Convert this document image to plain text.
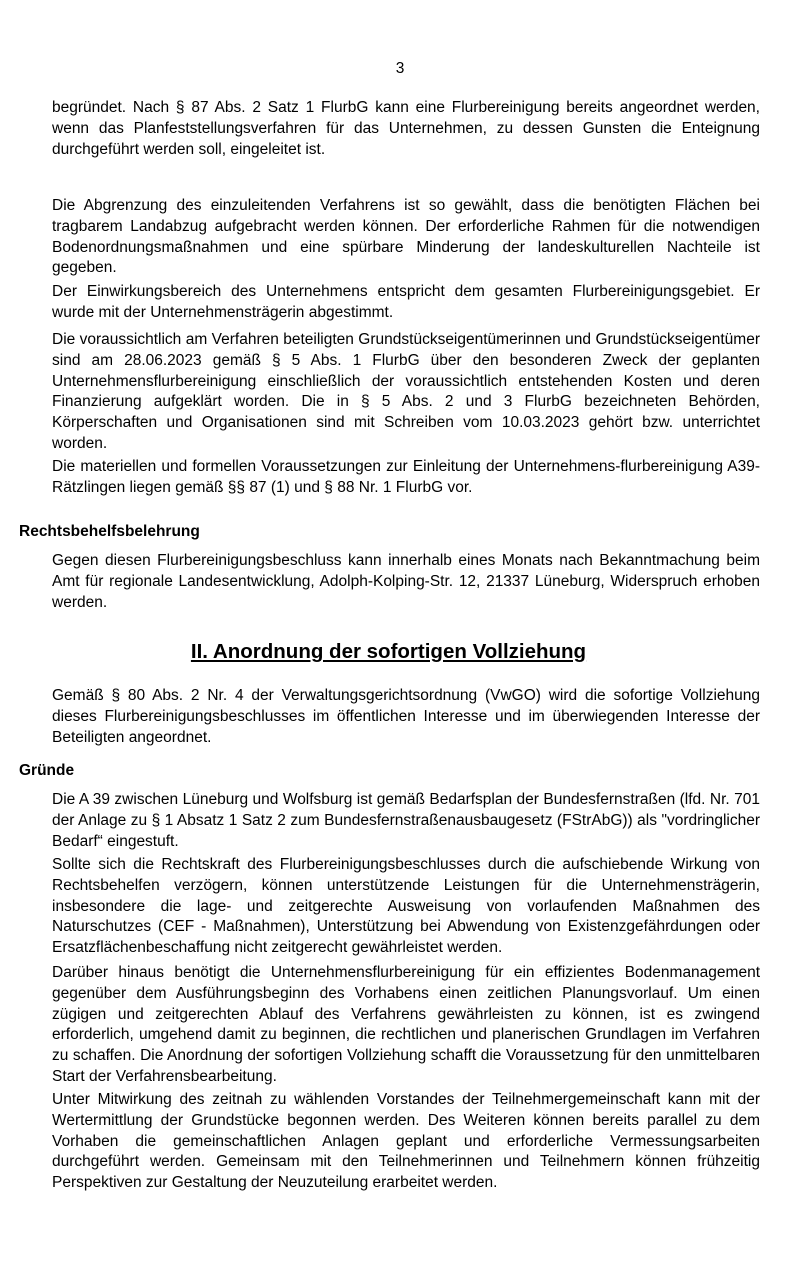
3

begründet. Nach § 87 Abs. 2 Satz 1 FlurbG kann eine Flurbereinigung bereits angeordnet werden, wenn das Planfeststellungsverfahren für das Unternehmen, zu dessen Gunsten die Enteignung durchgeführt werden soll, eingeleitet ist.

Die Abgrenzung des einzuleitenden Verfahrens ist so gewählt, dass die benötigten Flächen bei tragbarem Landabzug aufgebracht werden können. Der erforderliche Rahmen für die notwendigen Bodenordnungsmaßnahmen und eine spürbare Minderung der landeskulturellen Nachteile ist gegeben.

Der Einwirkungsbereich des Unternehmens entspricht dem gesamten Flurbereinigungsgebiet. Er wurde mit der Unternehmensträgerin abgestimmt.

Die voraussichtlich am Verfahren beteiligten Grundstückseigentümerinnen und Grundstückseigentümer sind am 28.06.2023 gemäß § 5 Abs. 1 FlurbG über den besonderen Zweck der geplanten Unternehmensflurbereinigung einschließlich der voraussichtlich entstehenden Kosten und deren Finanzierung aufgeklärt worden. Die in § 5 Abs. 2 und 3 FlurbG bezeichneten Behörden, Körperschaften und Organisationen sind mit Schreiben vom 10.03.2023 gehört bzw. unterrichtet worden.

Die materiellen und formellen Voraussetzungen zur Einleitung der Unternehmens-flurbereinigung A39-Rätzlingen liegen gemäß §§ 87 (1) und § 88 Nr. 1 FlurbG vor.

Rechtsbehelfsbelehrung

Gegen diesen Flurbereinigungsbeschluss kann innerhalb eines Monats nach Bekanntmachung beim Amt für regionale Landesentwicklung, Adolph-Kolping-Str. 12, 21337 Lüneburg, Widerspruch erhoben werden.

II. Anordnung der sofortigen Vollziehung

Gemäß § 80 Abs. 2 Nr. 4 der Verwaltungsgerichtsordnung (VwGO) wird die sofortige Vollziehung dieses Flurbereinigungsbeschlusses im öffentlichen Interesse und im überwiegenden Interesse der Beteiligten angeordnet.

Gründe

Die A 39 zwischen Lüneburg und Wolfsburg ist gemäß Bedarfsplan der Bundesfernstraßen (lfd. Nr. 701 der Anlage zu § 1 Absatz 1 Satz 2 zum Bundesfernstraßenausbaugesetz (FStrAbG)) als "vordringlicher Bedarf“ eingestuft.

Sollte sich die Rechtskraft des Flurbereinigungsbeschlusses durch die aufschiebende Wirkung von Rechtsbehelfen verzögern, können unterstützende Leistungen für die Unternehmensträgerin, insbesondere die lage- und zeitgerechte Ausweisung von vorlaufenden Maßnahmen des Naturschutzes (CEF - Maßnahmen), Unterstützung bei Abwendung von Existenzgefährdungen oder Ersatzflächenbeschaffung nicht zeitgerecht gewährleistet werden.

Darüber hinaus benötigt die Unternehmensflurbereinigung für ein effizientes Bodenmanagement gegenüber dem Ausführungsbeginn des Vorhabens einen zeitlichen Planungsvorlauf. Um einen zügigen und zeitgerechten Ablauf des Verfahrens gewährleisten zu können, ist es zwingend erforderlich, umgehend damit zu beginnen, die rechtlichen und planerischen Grundlagen im Verfahren zu schaffen. Die Anordnung der sofortigen Vollziehung schafft die Voraussetzung für den unmittelbaren Start der Verfahrensbearbeitung.

Unter Mitwirkung des zeitnah zu wählenden Vorstandes der Teilnehmergemeinschaft kann mit der Wertermittlung der Grundstücke begonnen werden. Des Weiteren können bereits parallel zu dem Vorhaben die gemeinschaftlichen Anlagen geplant und erforderliche Vermessungsarbeiten durchgeführt werden. Gemeinsam mit den Teilnehmerinnen und Teilnehmern können frühzeitig Perspektiven zur Gestaltung der Neuzuteilung erarbeitet werden.
